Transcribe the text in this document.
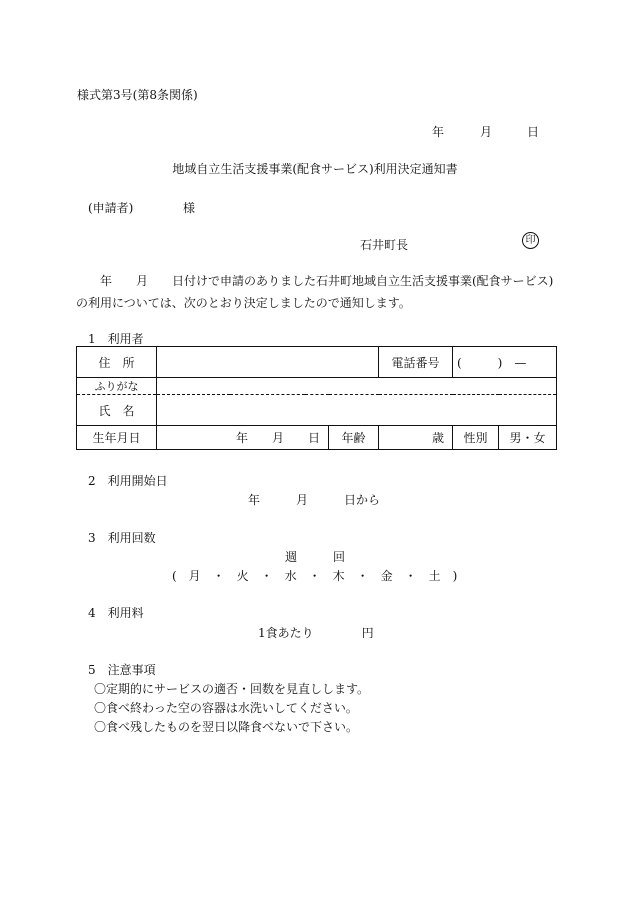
様式第3号(第8条関係)
年	月	日
地域自立生活支援事業(配食サービス)利用決定通知書
(申請者)	様
石井町長	印
年　　月　　日付けで申請のありました石井町地域自立生活支援事業(配食サービス)
の利用については、次のとおり決定しましたので通知します。
1　利用者
住　所			電話番号	(　　　)　—	
ふりがな					
氏　名					
生年月日	年　　月　　日	年齢	歳	性別	男・女
2　利用開始日
年　　　月　　　日から
3　利用回数
週　　　回
(　月　・　火　・　水　・　木　・　金　・　土　)
4　利用料
1食あたり　　　　円
5　注意事項
〇定期的にサービスの適否・回数を見直しします。
〇食べ終わった空の容器は水洗いしてください。
〇食べ残したものを翌日以降食べないで下さい。
